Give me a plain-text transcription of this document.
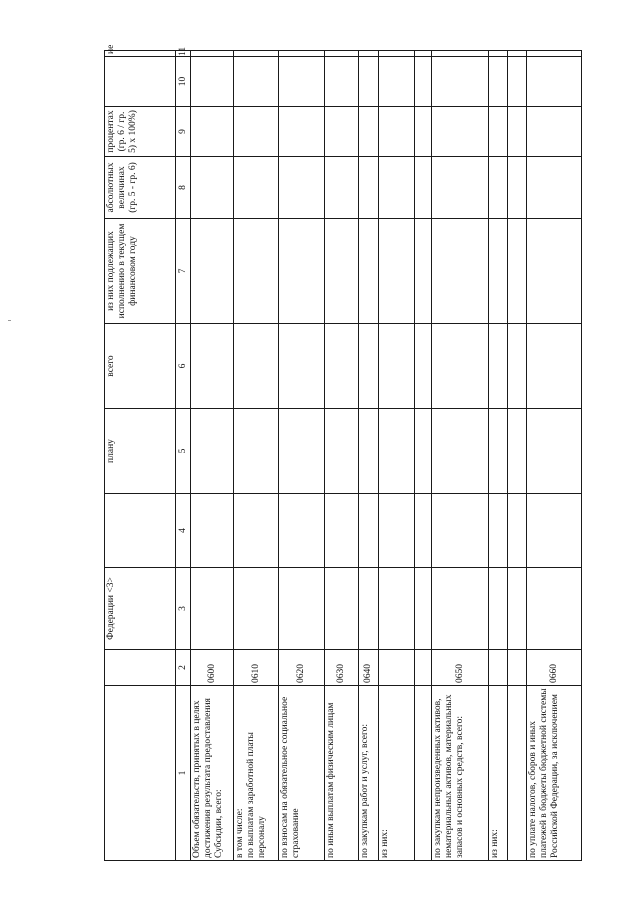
		Федерации <3>		плану	всего	из них подлежащих исполнению в текущем финансовом году	абсолютных величинах (гр. 5 - гр. 6)	процентах (гр. 6 / гр. 5) x 100%)		ие
1	2	3	4	5	6	7	8	9	10	11
Объем обязательств, принятых в целях достижения результата предоставления Субсидии, всего:	0600									
в том числе:
по выплатам заработной платы персоналу	0610									
по взносам на обязательное социальное страхование	0620									
по иным выплатам физическим лицам	0630									
по закупкам работ и услуг, всего:	0640									
из них:										

по закупкам непроизведенных активов, нематериальных активов, материальных запасов и основных средств, всего:	0650									
из них:										

по уплате налогов, сборов и иных платежей в бюджеты бюджетной системы Российской Федерации, за исключением	0660									
